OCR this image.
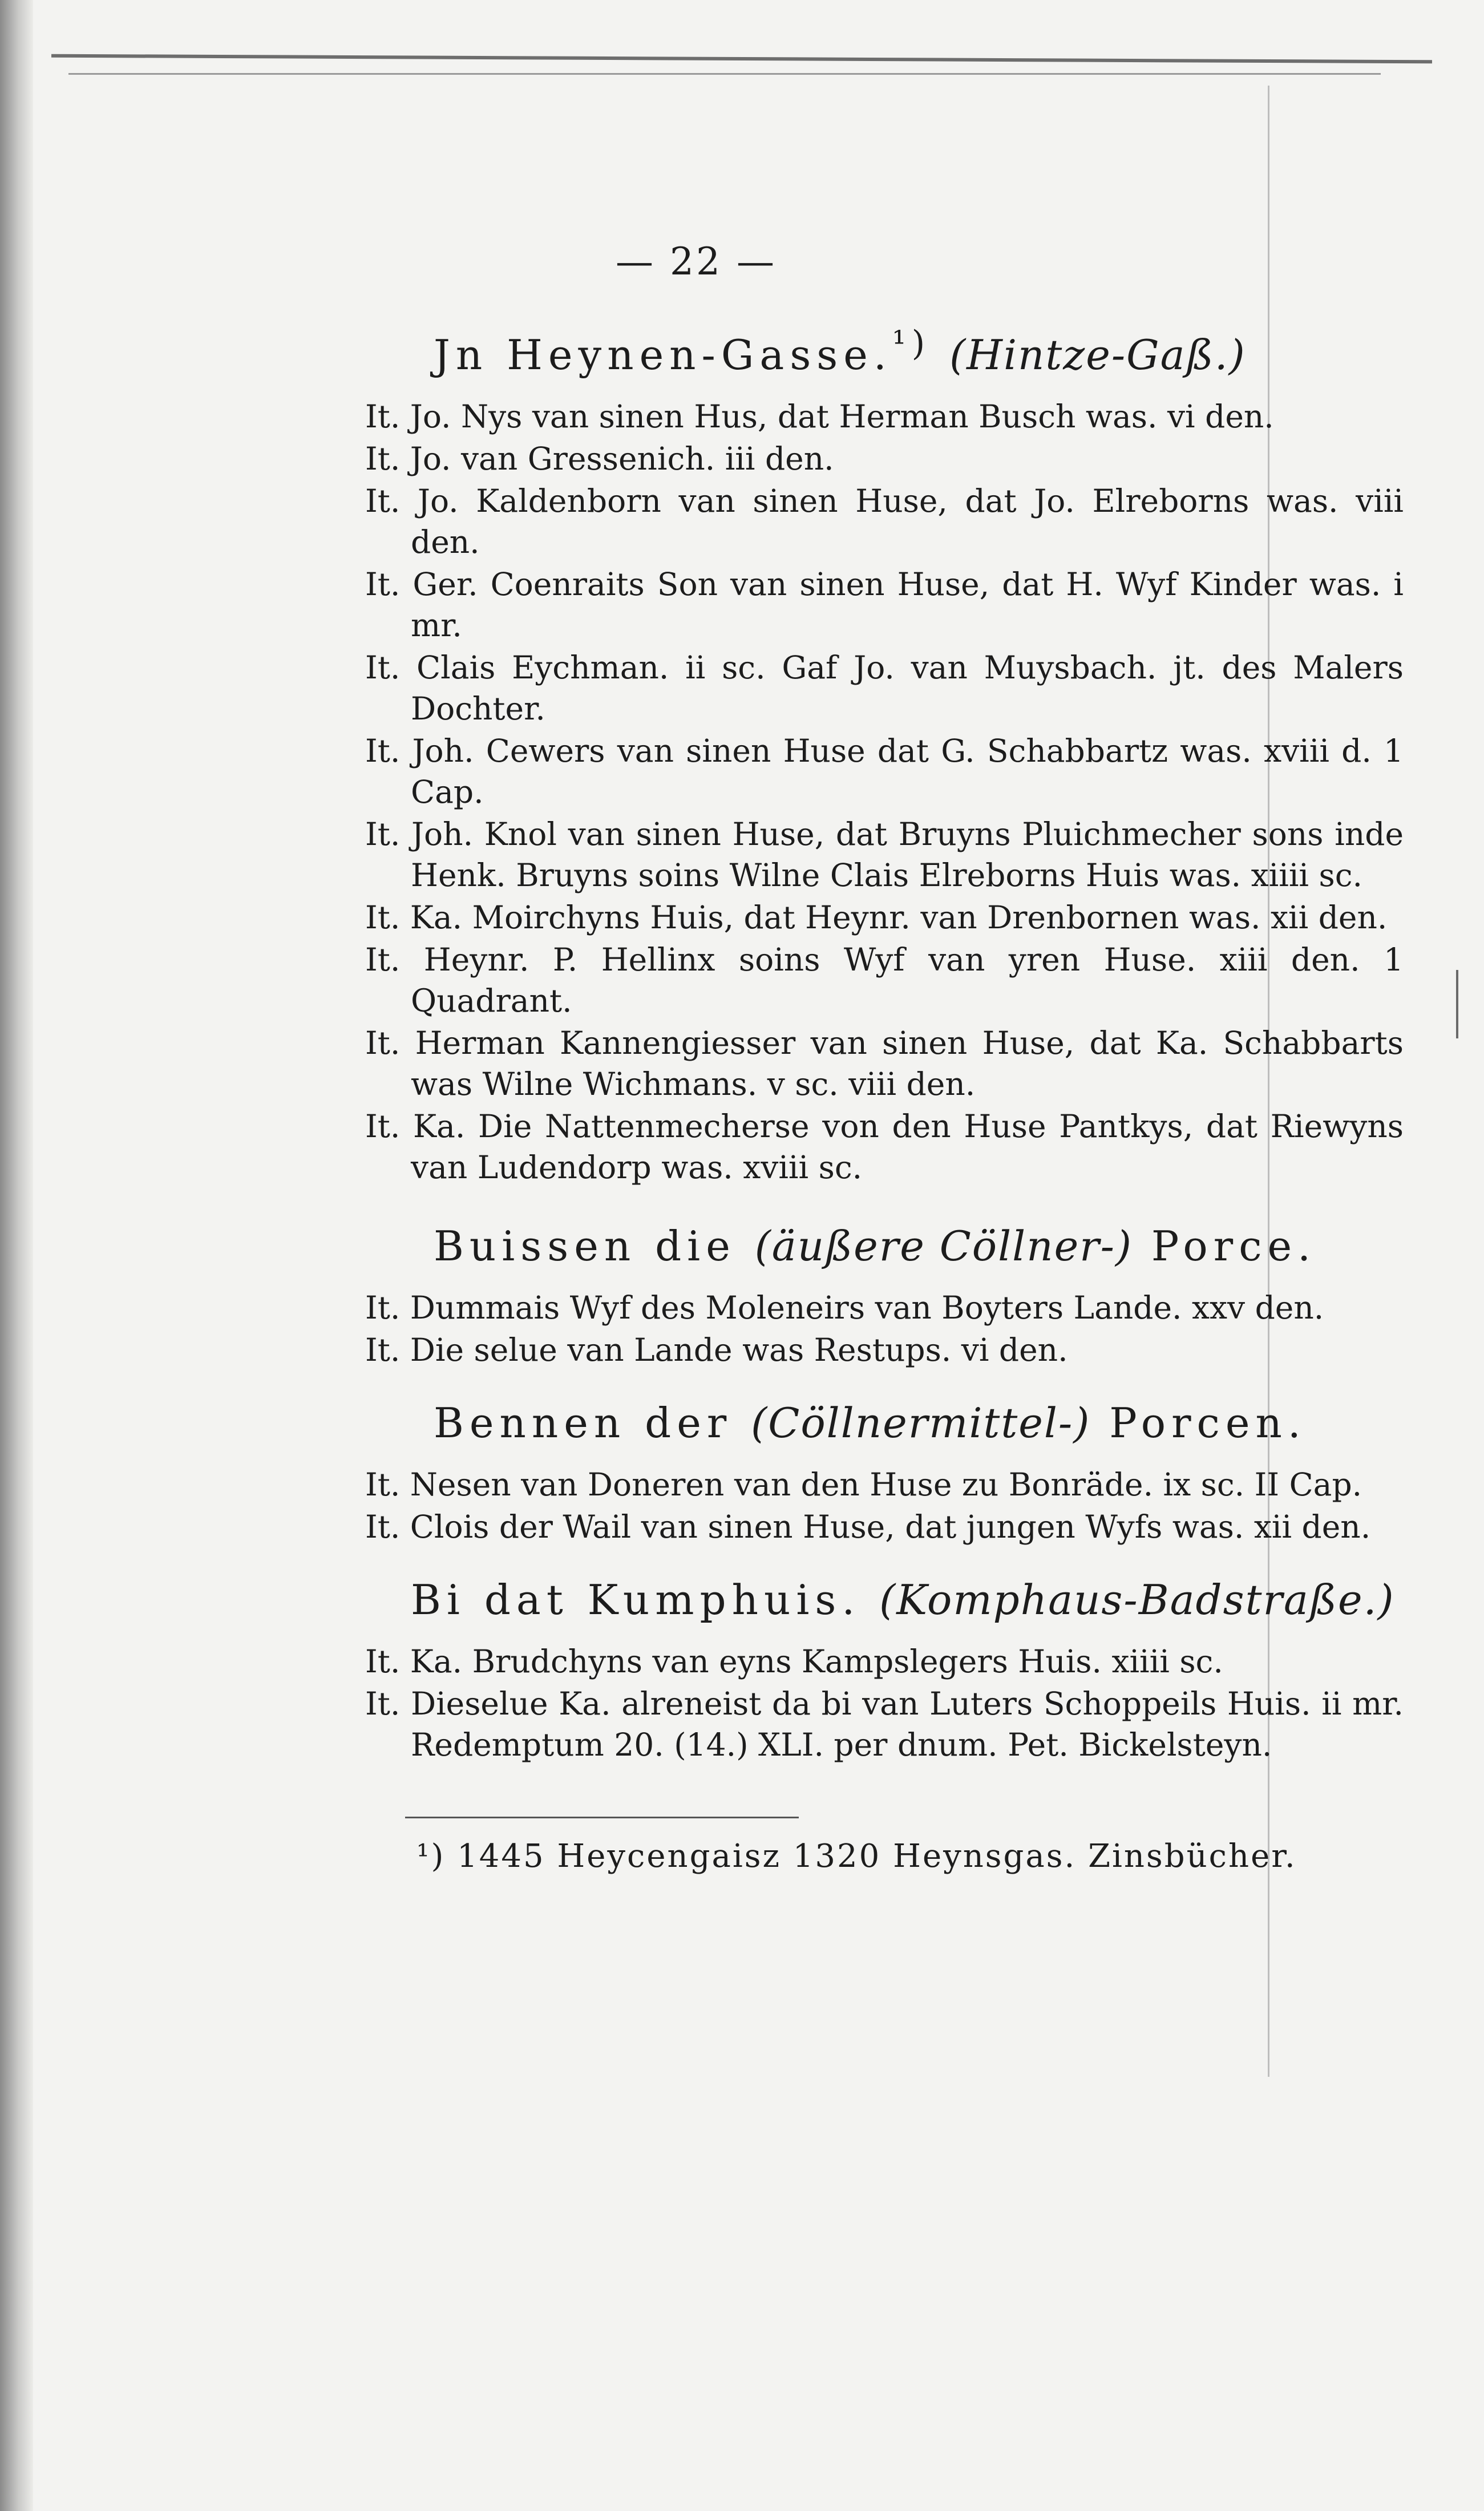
— 22 —
Jn Heynen-Gasse.$^{^1)}$ (Hintze-Gaß.)

It. Jo. Nys van sinen Hus, dat Herman Busch was. vi den.

It. Jo. van Gressenich. iii den.

It. Jo. Kaldenborn van sinen Huse, dat Jo. Elreborns was. viii den.

It. Ger. Coenraits Son van sinen Huse, dat H. Wyf Kinder was. i mr.

It. Clais Eychman. ii sc. Gaf Jo. van Muysbach. jt. des Malers Dochter.

It. Joh. Cewers van sinen Huse dat G. Schabbartz was. xviii d. 1 Cap.

It. Joh. Knol van sinen Huse, dat Bruyns Pluichmecher sons inde Henk. Bruyns soins Wilne Clais Elreborns Huis was. xiiii sc.

It. Ka. Moirchyns Huis, dat Heynr. van Drenbornen was. xii den.

It. Heynr. P. Hellinx soins Wyf van yren Huse. xiii den. 1 Quadrant.

It. Herman Kannengiesser van sinen Huse, dat Ka. Schabbarts was Wilne Wichmans. v sc. viii den.

It. Ka. Die Nattenmecherse von den Huse Pantkys, dat Riewyns van Ludendorp was. xviii sc.

Buissen die (äußere Cöllner-) Porce.

It. Dummais Wyf des Moleneirs van Boyters Lande. xxv den.

It. Die selue van Lande was Restups. vi den.

Bennen der (Cöllnermittel-) Porcen.

It. Nesen van Doneren van den Huse zu Bonräde. ix sc. II Cap.

It. Clois der Wail van sinen Huse, dat jungen Wyfs was. xii den.

Bi dat Kumphuis. (Komphaus-Badstraße.)

It. Ka. Brudchyns van eyns Kampslegers Huis. xiiii sc.

It. Dieselue Ka. alreneist da bi van Luters Schoppeils Huis. ii mr. Redemptum 20. (14.) XLI. per dnum. Pet. Bickelsteyn.

¹) 1445 Heycengaisz 1320 Heynsgas. Zinsbücher.
